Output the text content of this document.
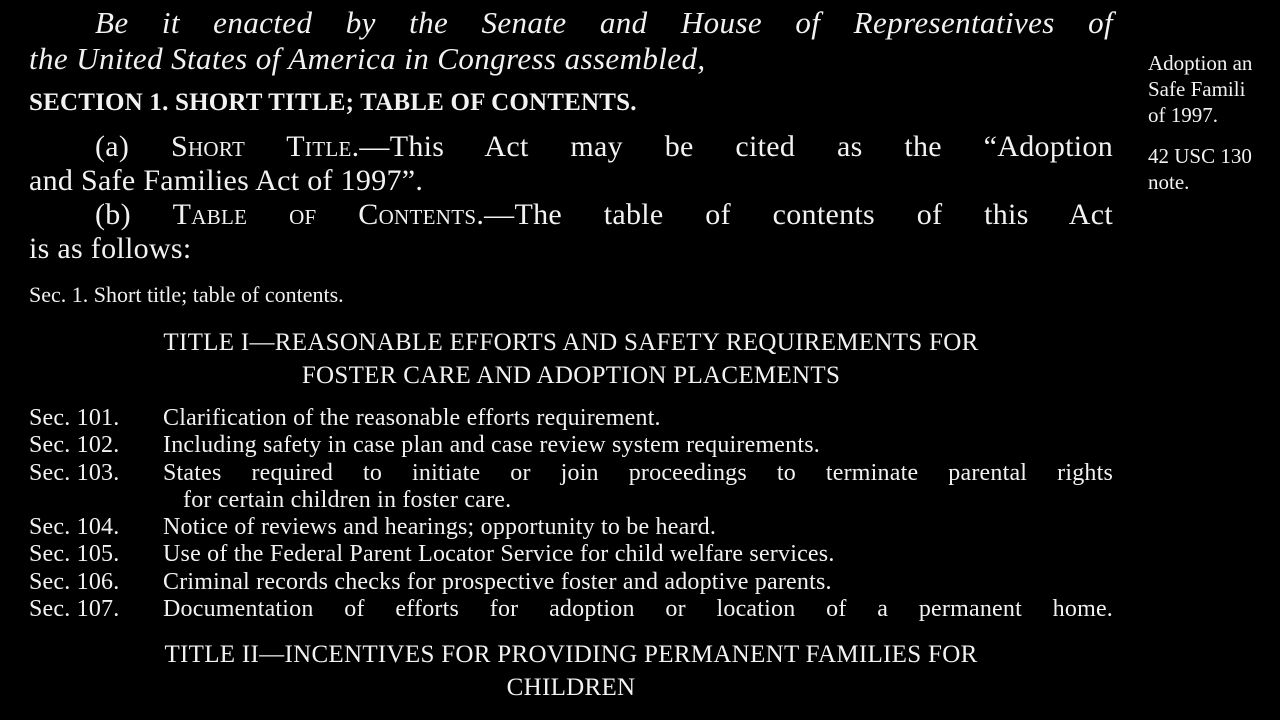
Be it enacted by the Senate and House of Representatives of
the United States of America in Congress assembled,
SECTION 1. SHORT TITLE; TABLE OF CONTENTS.
(a) Short Title.—This Act may be cited as the “Adoption
and Safe Families Act of 1997”.
(b) Table of Contents.—The table of contents of this Act
is as follows:
Sec. 1. Short title; table of contents.
TITLE I—REASONABLE EFFORTS AND SAFETY REQUIREMENTS FOR
FOSTER CARE AND ADOPTION PLACEMENTS
Sec. 101.	Clarification of the reasonable efforts requirement.
Sec. 102.	Including safety in case plan and case review system requirements.
Sec. 103.	States required to initiate or join proceedings to terminate parental rights
for certain children in foster care.
Sec. 104.	Notice of reviews and hearings; opportunity to be heard.
Sec. 105.	Use of the Federal Parent Locator Service for child welfare services.
Sec. 106.	Criminal records checks for prospective foster and adoptive parents.
Sec. 107.	Documentation of efforts for adoption or location of a permanent home.
TITLE II—INCENTIVES FOR PROVIDING PERMANENT FAMILIES FOR
CHILDREN
Adoption an
Safe Famili
of 1997.
42 USC 130
note.
